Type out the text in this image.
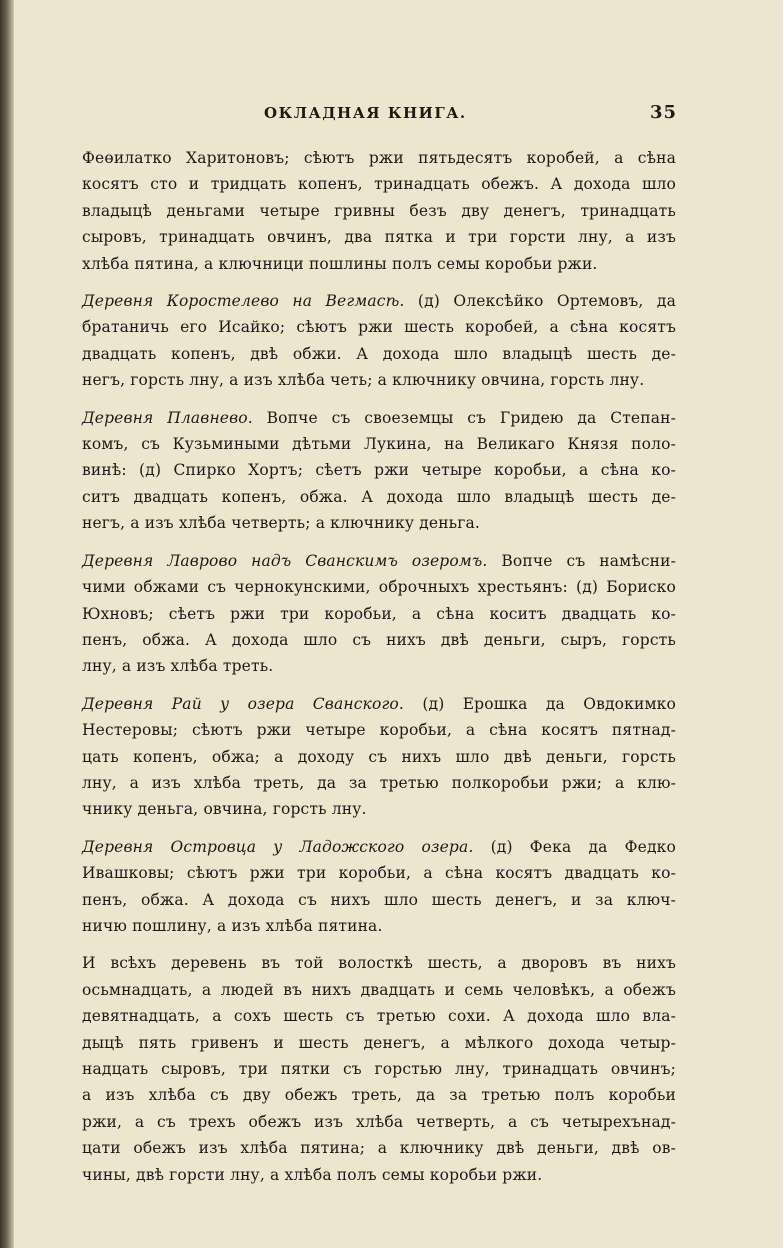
ОКЛАДНАЯ КНИГА.	35

Феөилатко Харитоновъ; сѣютъ ржи пятьдесятъ коробей, а сѣна
косятъ сто и тридцать копенъ, тринадцать обежъ. А дохода шло
владыцѣ деньгами четыре гривны безъ дву денегъ, тринадцать
сыровъ, тринадцать овчинъ, два пятка и три горсти лну, а изъ
хлѣба пятина, а ключници пошлины полъ семы коробьи ржи.

Деревня Коростелево на Вегмасѣ. (д) Олексѣйко Ортемовъ, да
братаничь его Исайко; сѣютъ ржи шесть коробей, а сѣна косятъ
двадцать копенъ, двѣ обжи. А дохода шло владыцѣ шесть де-
негъ, горсть лну, а изъ хлѣба четь; а ключнику овчина, горсть лну.

Деревня Плавнево. Вопче съ своеземцы съ Гридею да Степан-
комъ, съ Кузьмиными дѣтьми Лукина, на Великаго Князя поло-
винѣ: (д) Спирко Хортъ; сѣетъ ржи четыре коробьи, а сѣна ко-
ситъ двадцать копенъ, обжа. А дохода шло владыцѣ шесть де-
негъ, а изъ хлѣба четверть; а ключнику деньга.

Деревня Лаврово надъ Сванскимъ озеромъ. Вопче съ намѣсни-
чими обжами съ чернокунскими, оброчныхъ хрестьянъ: (д) Бориско
Юхновъ; сѣетъ ржи три коробьи, а сѣна коситъ двадцать ко-
пенъ, обжа. А дохода шло съ нихъ двѣ деньги, сыръ, горсть
лну, а изъ хлѣба треть.

Деревня Рай у озера Сванского. (д) Ерошка да Овдокимко
Нестеровы; сѣютъ ржи четыре коробьи, а сѣна косятъ пятнад-
цать копенъ, обжа; а доходу съ нихъ шло двѣ деньги, горсть
лну, а изъ хлѣба треть, да за третью полкоробьи ржи; а клю-
чнику деньга, овчина, горсть лну.

Деревня Островца у Ладожского озера. (д) Фека да Федко
Ивашковы; сѣютъ ржи три коробьи, а сѣна косятъ двадцать ко-
пенъ, обжа. А дохода съ нихъ шло шесть денегъ, и за ключ-
ничю пошлину, а изъ хлѣба пятина.

И всѣхъ деревень въ той волосткѣ шесть, а дворовъ въ нихъ
осьмнадцать, а людей въ нихъ двадцать и семь человѣкъ, а обежъ
девятнадцать, а сохъ шесть съ третью сохи. А дохода шло вла-
дыцѣ пять гривенъ и шесть денегъ, а мѣлкого дохода четыр-
надцать сыровъ, три пятки съ горстью лну, тринадцать овчинъ;
а изъ хлѣба съ дву обежъ треть, да за третью полъ коробьи
ржи, а съ трехъ обежъ изъ хлѣба четверть, а съ четырехънад-
цати обежъ изъ хлѣба пятина; а ключнику двѣ деньги, двѣ ов-
чины, двѣ горсти лну, а хлѣба полъ семы коробьи ржи.
